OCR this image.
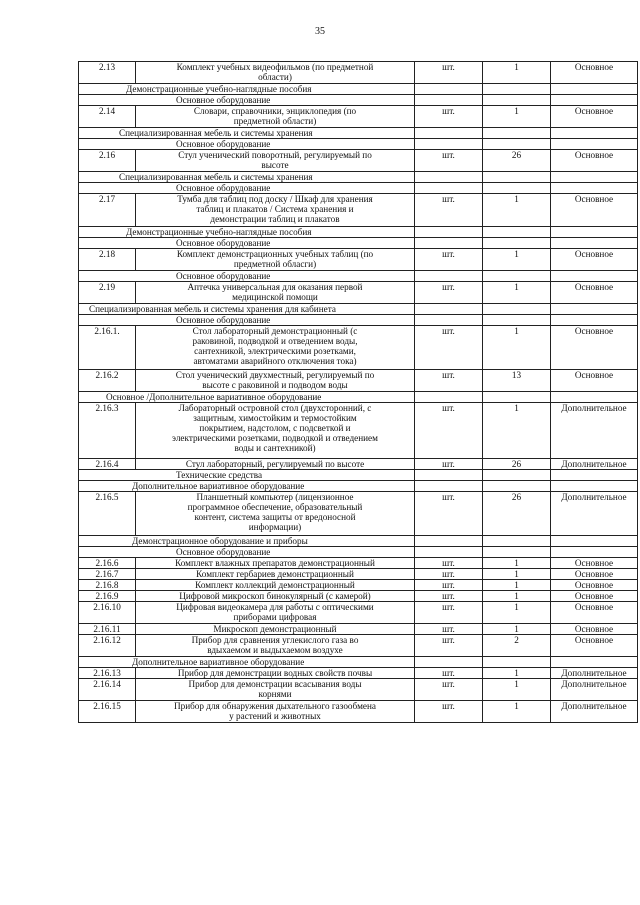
35
2.13	Комплект учебных видеофильмов (по предметной
области)	шт.	1	Основное
Демонстрационные учебно-наглядные пособия				
Основное оборудование				
2.14	Словари, справочники, энциклопедия (по
предметной области)	шт.	1	Основное
Специализированная мебель и системы хранения				
Основное оборудование				
2.16	Стул ученический поворотный, регулируемый по
высоте	шт.	26	Основное
Специализированная мебель и системы хранения				
Основное оборудование				
2.17	Тумба для таблиц под доску / Шкаф для хранения
таблиц и плакатов / Система хранения и
демонстрации таблиц и плакатов	шт.	1	Основное
Демонстрационные учебно-наглядные пособия				
Основное оборудование				
2.18	Комплект демонстрационных учебных таблиц (по
предметной обласги)	шт.	1	Основное
Основное оборудование				
2.19	Аптечка универсальная для оказания первой
медицинской помощи	шт.	1	Основное
Специализированная мебель и системы хранения для кабинета				
Основное оборудование				
2.16.1.	Стол лабораторный демонстрационный (с
раковиной, подводкой и отведением воды,
сантехникой, электрическими розетками,
автоматами аварийного отключения тока)	шт.	1	Основное
2.16.2	Стол ученический двухместный, регулируемый по
высоте с раковиной и подводом воды	шт.	13	Основное
Основное /Дополнительное вариативное оборудование				
2.16.3	Лабораторный островной стол (двухсторонний, с
защитным, химостойким и термостойким
покрытием, надстолом, с подсветкой и
электрическими розетками, подводкой и отведением
воды и сантехникой)	шт.	1	Дополнительное
2.16.4	Стул лабораторный, регулируемый по высоте	шт.	26	Дополнительное
Технические средства				
Дополнительное вариативное оборудование				
2.16.5	Планшетный компьютер (лицензионное
программное обеспечение, образовательный
контент, система защиты от вредоносной
информации)	шт.	26	Дополнительное
Демонстрационное оборудование и приборы				
Основное оборудование				
2.16.6	Комплект влажных препаратов демонстрационный	шт.	1	Основное
2.16.7	Комплект гербариев демонстрационный	шт.	1	Основное
2.16.8	Комплект коллекций демонстрационный	шт.	1	Основное
2.16.9	Цифровой микроскоп бинокулярный (с камерой)	шт.	1	Основное
2.16.10	Цифровая видеокамера для работы с оптическими
приборами цифровая	шт.	1	Основное
2.16.11	Микроскоп демонстрационный	шт.	1	Основное
2.16.12	Прибор для сравнения углекислого газа во
вдыхаемом и выдыхаемом воздухе	шт.	2	Основное
Дополнительное вариативное оборудование				
2.16.13	Прибор для демонстрации водных свойств почвы	шт.	1	Дополнительное
2.16.14	Прибор для демонстрации всасывания воды
корнями	шт.	1	Дополнительное
2.16.15	Прибор для обнаружения дыхательного газообмена
у растений и животных	шт.	1	Дополнительное
